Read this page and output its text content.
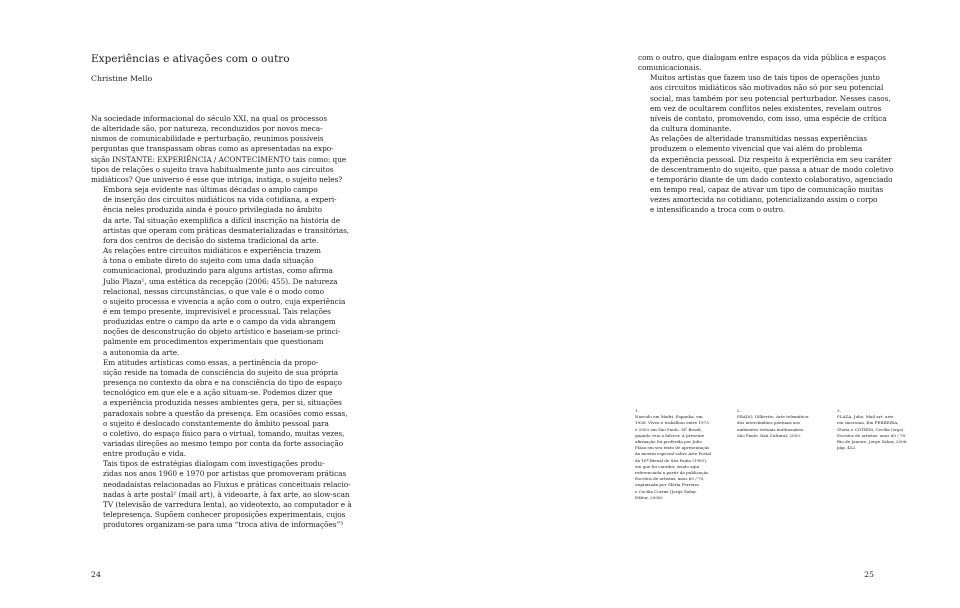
Experiências e ativações com o outro
Christine Mello

Na sociedade informacional do século XXI, na qual os processos
de alteridade são, por natureza, reconduzidos por novos meca-
nismos de comunicabilidade e perturbação, reunimos possíveis
perguntas que transpassam obras como as apresentadas na expo-
sição INSTANTE: EXPERIÊNCIA / ACONTECIMENTO tais como: que
tipos de relações o sujeito trava habitualmente junto aos circuitos
midiáticos? Que universo é esse que intriga, instiga, o sujeito neles?

Embora seja evidente nas últimas décadas o amplo campo
de inserção dos circuitos midiáticos na vida cotidiana, a experi-
ência neles produzida ainda é pouco privilegiada no âmbito
da arte. Tal situação exemplifica a difícil inscrição na história de
artistas que operam com práticas desmaterializadas e transitórias,
fora dos centros de decisão do sistema tradicional da arte.

As relações entre circuitos midiáticos e experiência trazem
à tona o embate direto do sujeito com uma dada situação
comunicacional, produzindo para alguns artistas, como afirma
Julio Plaza¹, uma estética da recepção (2006: 455). De natureza
relacional, nessas circunstâncias, o que vale é o modo como
o sujeito processa e vivencia a ação com o outro, cuja experiência
é em tempo presente, imprevisível e processual. Tais relações
produzidas entre o campo da arte e o campo da vida abrangem
noções de desconstrução do objeto artístico e baseiam-se princi-
palmente em procedimentos experimentais que questionam
a autonomia da arte.

Em atitudes artísticas como essas, a pertinência da propo-
sição reside na tomada de consciência do sujeito de sua própria
presença no contexto da obra e na consciência do tipo de espaço
tecnológico em que ele e a ação situam-se. Podemos dizer que
a experiência produzida nesses ambientes gera, per si, situações
paradoxais sobre a questão da presença. Em ocasiões como essas,
o sujeito é deslocado constantemente do âmbito pessoal para
o coletivo, do espaço físico para o virtual, tomando, muitas vezes,
variadas direções ao mesmo tempo por conta da forte associação
entre produção e vida.

Tais tipos de estratégias dialogam com investigações produ-
zidas nos anos 1960 e 1970 por artistas que promoveram práticas
neodadaístas relacionadas ao Fluxus e práticas conceituais relacio-
nadas à arte postal² (mail art), à videoarte, à fax arte, ao slow-scan
TV (televisão de varredura lenta), ao videotexto, ao computador e à
telepresença. Supõem conhecer proposições experimentais, cujos
produtores organizam-se para uma “troca ativa de informações”³

24

com o outro, que dialogam entre espaços da vida pública e espaços
comunicacionais.

Muitos artistas que fazem uso de tais tipos de operações junto
aos circuitos midiáticos são motivados não só por seu potencial
social, mas também por seu potencial perturbador. Nesses casos,
em vez de ocultarem conflitos neles existentes, revelam outros
níveis de contato, promovendo, com isso, uma espécie de crítica
da cultura dominante.

As relações de alteridade transmitidas nessas experiências
produzem o elemento vivencial que vai além do problema
da experiência pessoal. Diz respeito à experiência em seu caráter
de descentramento do sujeito, que passa a atuar de modo coletivo
e temporário diante de um dado contexto colaborativo, agenciado
em tempo real, capaz de ativar um tipo de comunicação muitas
vezes amortecida no cotidiano, potencializando assim o corpo
e intensificando a troca com o outro.

1.
Nascido em Madri, Espanha, em
1938. Viveu e trabalhou entre 1973
e 2003 em São Paulo, SP, Brasil,
quando veio a falecer. A presente
afirmação foi proferida por Julio
Plaza em seu texto de apresentação
da mostra especial sobre Arte Postal
da 16ª Bienal de São Paulo (1981),
em que foi curador, sendo aqui
referenciada a partir da publicação
Escritos de artistas: anos 60 / 70,
organizada por Glória Ferreira
e Cecília Cotrim (Jorge Zahar
Editor, 2006).
2.
PRADO, Gilbertto. Arte telemática:
dos intercâmbios pontuais aos
ambientes virtuais multiusuário.
São Paulo: Itaú Cultural, 2003.
3.
PLAZA, Julio. Mail art: arte
em sincronia. Em FERREIRA,
Glória e COTRIM, Cecília (orgs).
Escritos de artistas: anos 60 / 70.
Rio de Janeiro: Jorge Zahar, 2006,
pág. 452.
25
